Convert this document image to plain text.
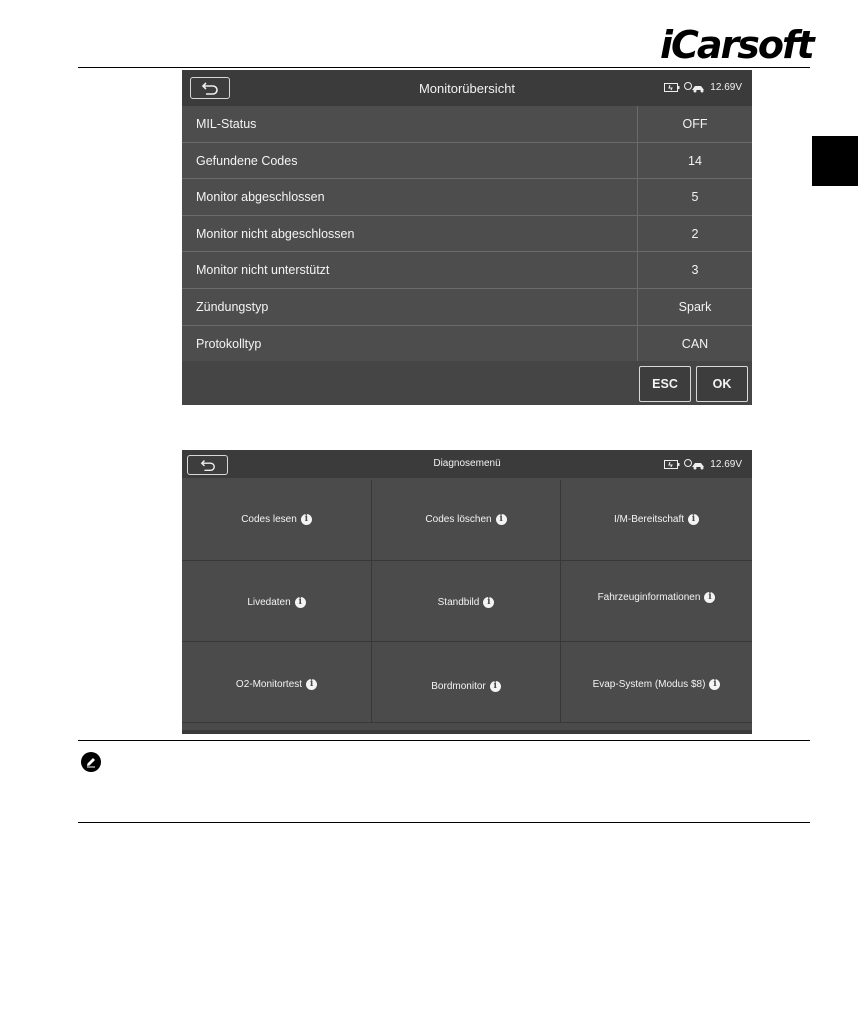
iCarsoft
Monitorübersicht	12.69V
MIL-Status	OFF
Gefundene Codes	14
Monitor abgeschlossen	5
Monitor nicht abgeschlossen	2
Monitor nicht unterstützt	3
Zündungstyp	Spark
Protokolltyp	CAN
ESC	OK
Diagnosemenü	12.69V
Codes lesen i	Codes löschen i	I/M-Bereitschaft i
Livedaten i	Standbild i	Fahrzeuginformationen i
O2-Monitortest i	Bordmonitor i	Evap-System (Modus $8) i
